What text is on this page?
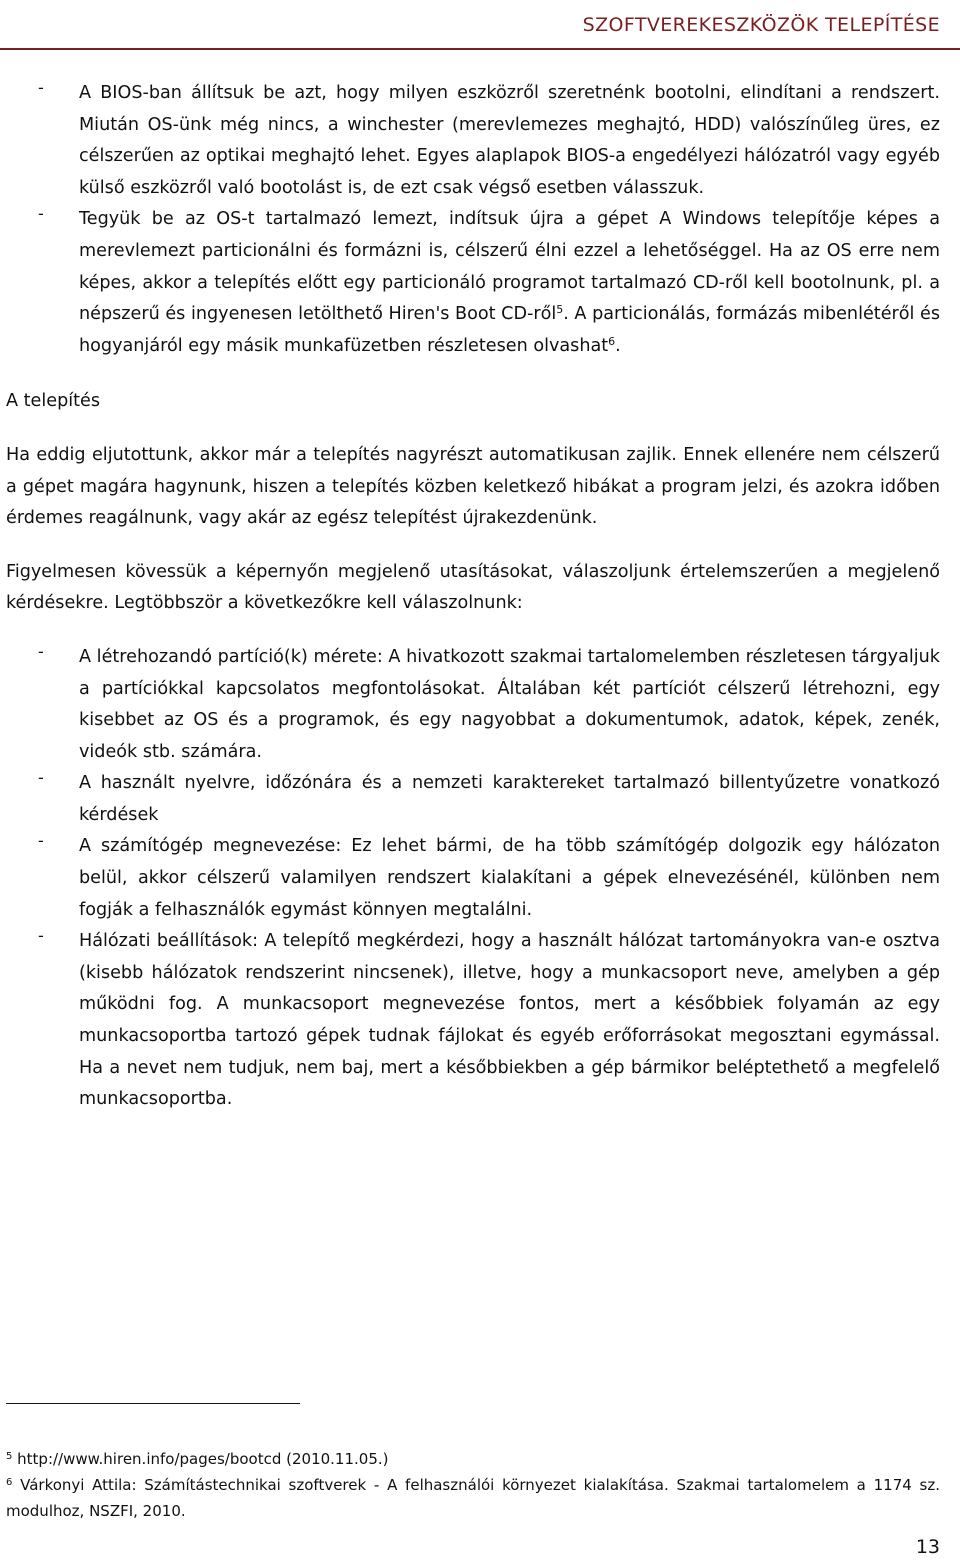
SZOFTVEREKESZKÖZÖK TELEPÍTÉSE
- A BIOS-ban állítsuk be azt, hogy milyen eszközről szeretnénk bootolni, elindítani a rendszert. Miután OS-ünk még nincs, a winchester (merevlemezes meghajtó, HDD) valószínűleg üres, ez célszerűen az optikai meghajtó lehet. Egyes alaplapok BIOS-a engedélyezi hálózatról vagy egyéb külső eszközről való bootolást is, de ezt csak végső esetben válasszuk.

- Tegyük be az OS-t tartalmazó lemezt, indítsuk újra a gépet A Windows telepítője képes a merevlemezt particionálni és formázni is, célszerű élni ezzel a lehetőséggel. Ha az OS erre nem képes, akkor a telepítés előtt egy particionáló programot tartalmazó CD-ről kell bootolnunk, pl. a népszerű és ingyenesen letölthető Hiren's Boot CD-ről$^5$. A particionálás, formázás mibenlétéről és hogyanjáról egy másik munkafüzetben részletesen olvashat$^6$.

A telepítés

Ha eddig eljutottunk, akkor már a telepítés nagyrészt automatikusan zajlik. Ennek ellenére nem célszerű a gépet magára hagynunk, hiszen a telepítés közben keletkező hibákat a program jelzi, és azokra időben érdemes reagálnunk, vagy akár az egész telepítést újrakezdenünk.

Figyelmesen kövessük a képernyőn megjelenő utasításokat, válaszoljunk értelemszerűen a megjelenő kérdésekre. Legtöbbször a következőkre kell válaszolnunk:

- A létrehozandó partíció(k) mérete: A hivatkozott szakmai tartalomelemben részletesen tárgyaljuk a partíciókkal kapcsolatos megfontolásokat. Általában két partíciót célszerű létrehozni, egy kisebbet az OS és a programok, és egy nagyobbat a dokumentumok, adatok, képek, zenék, videók stb. számára.

- A használt nyelvre, időzónára és a nemzeti karaktereket tartalmazó billentyűzetre vonatkozó kérdések

- A számítógép megnevezése: Ez lehet bármi, de ha több számítógép dolgozik egy hálózaton belül, akkor célszerű valamilyen rendszert kialakítani a gépek elnevezésénél, különben nem fogják a felhasználók egymást könnyen megtalálni.

- Hálózati beállítások: A telepítő megkérdezi, hogy a használt hálózat tartományokra van-e osztva (kisebb hálózatok rendszerint nincsenek), illetve, hogy a munkacsoport neve, amelyben a gép működni fog. A munkacsoport megnevezése fontos, mert a későbbiek folyamán az egy munkacsoportba tartozó gépek tudnak fájlokat és egyéb erőforrásokat megosztani egymással. Ha a nevet nem tudjuk, nem baj, mert a későbbiekben a gép bármikor beléptethető a megfelelő munkacsoportba.

$^5$ http://www.hiren.info/pages/bootcd (2010.11.05.)

$^6$ Várkonyi Attila: Számítástechnikai szoftverek - A felhasználói környezet kialakítása. Szakmai tartalomelem a 1174 sz. modulhoz, NSZFI, 2010.

13
